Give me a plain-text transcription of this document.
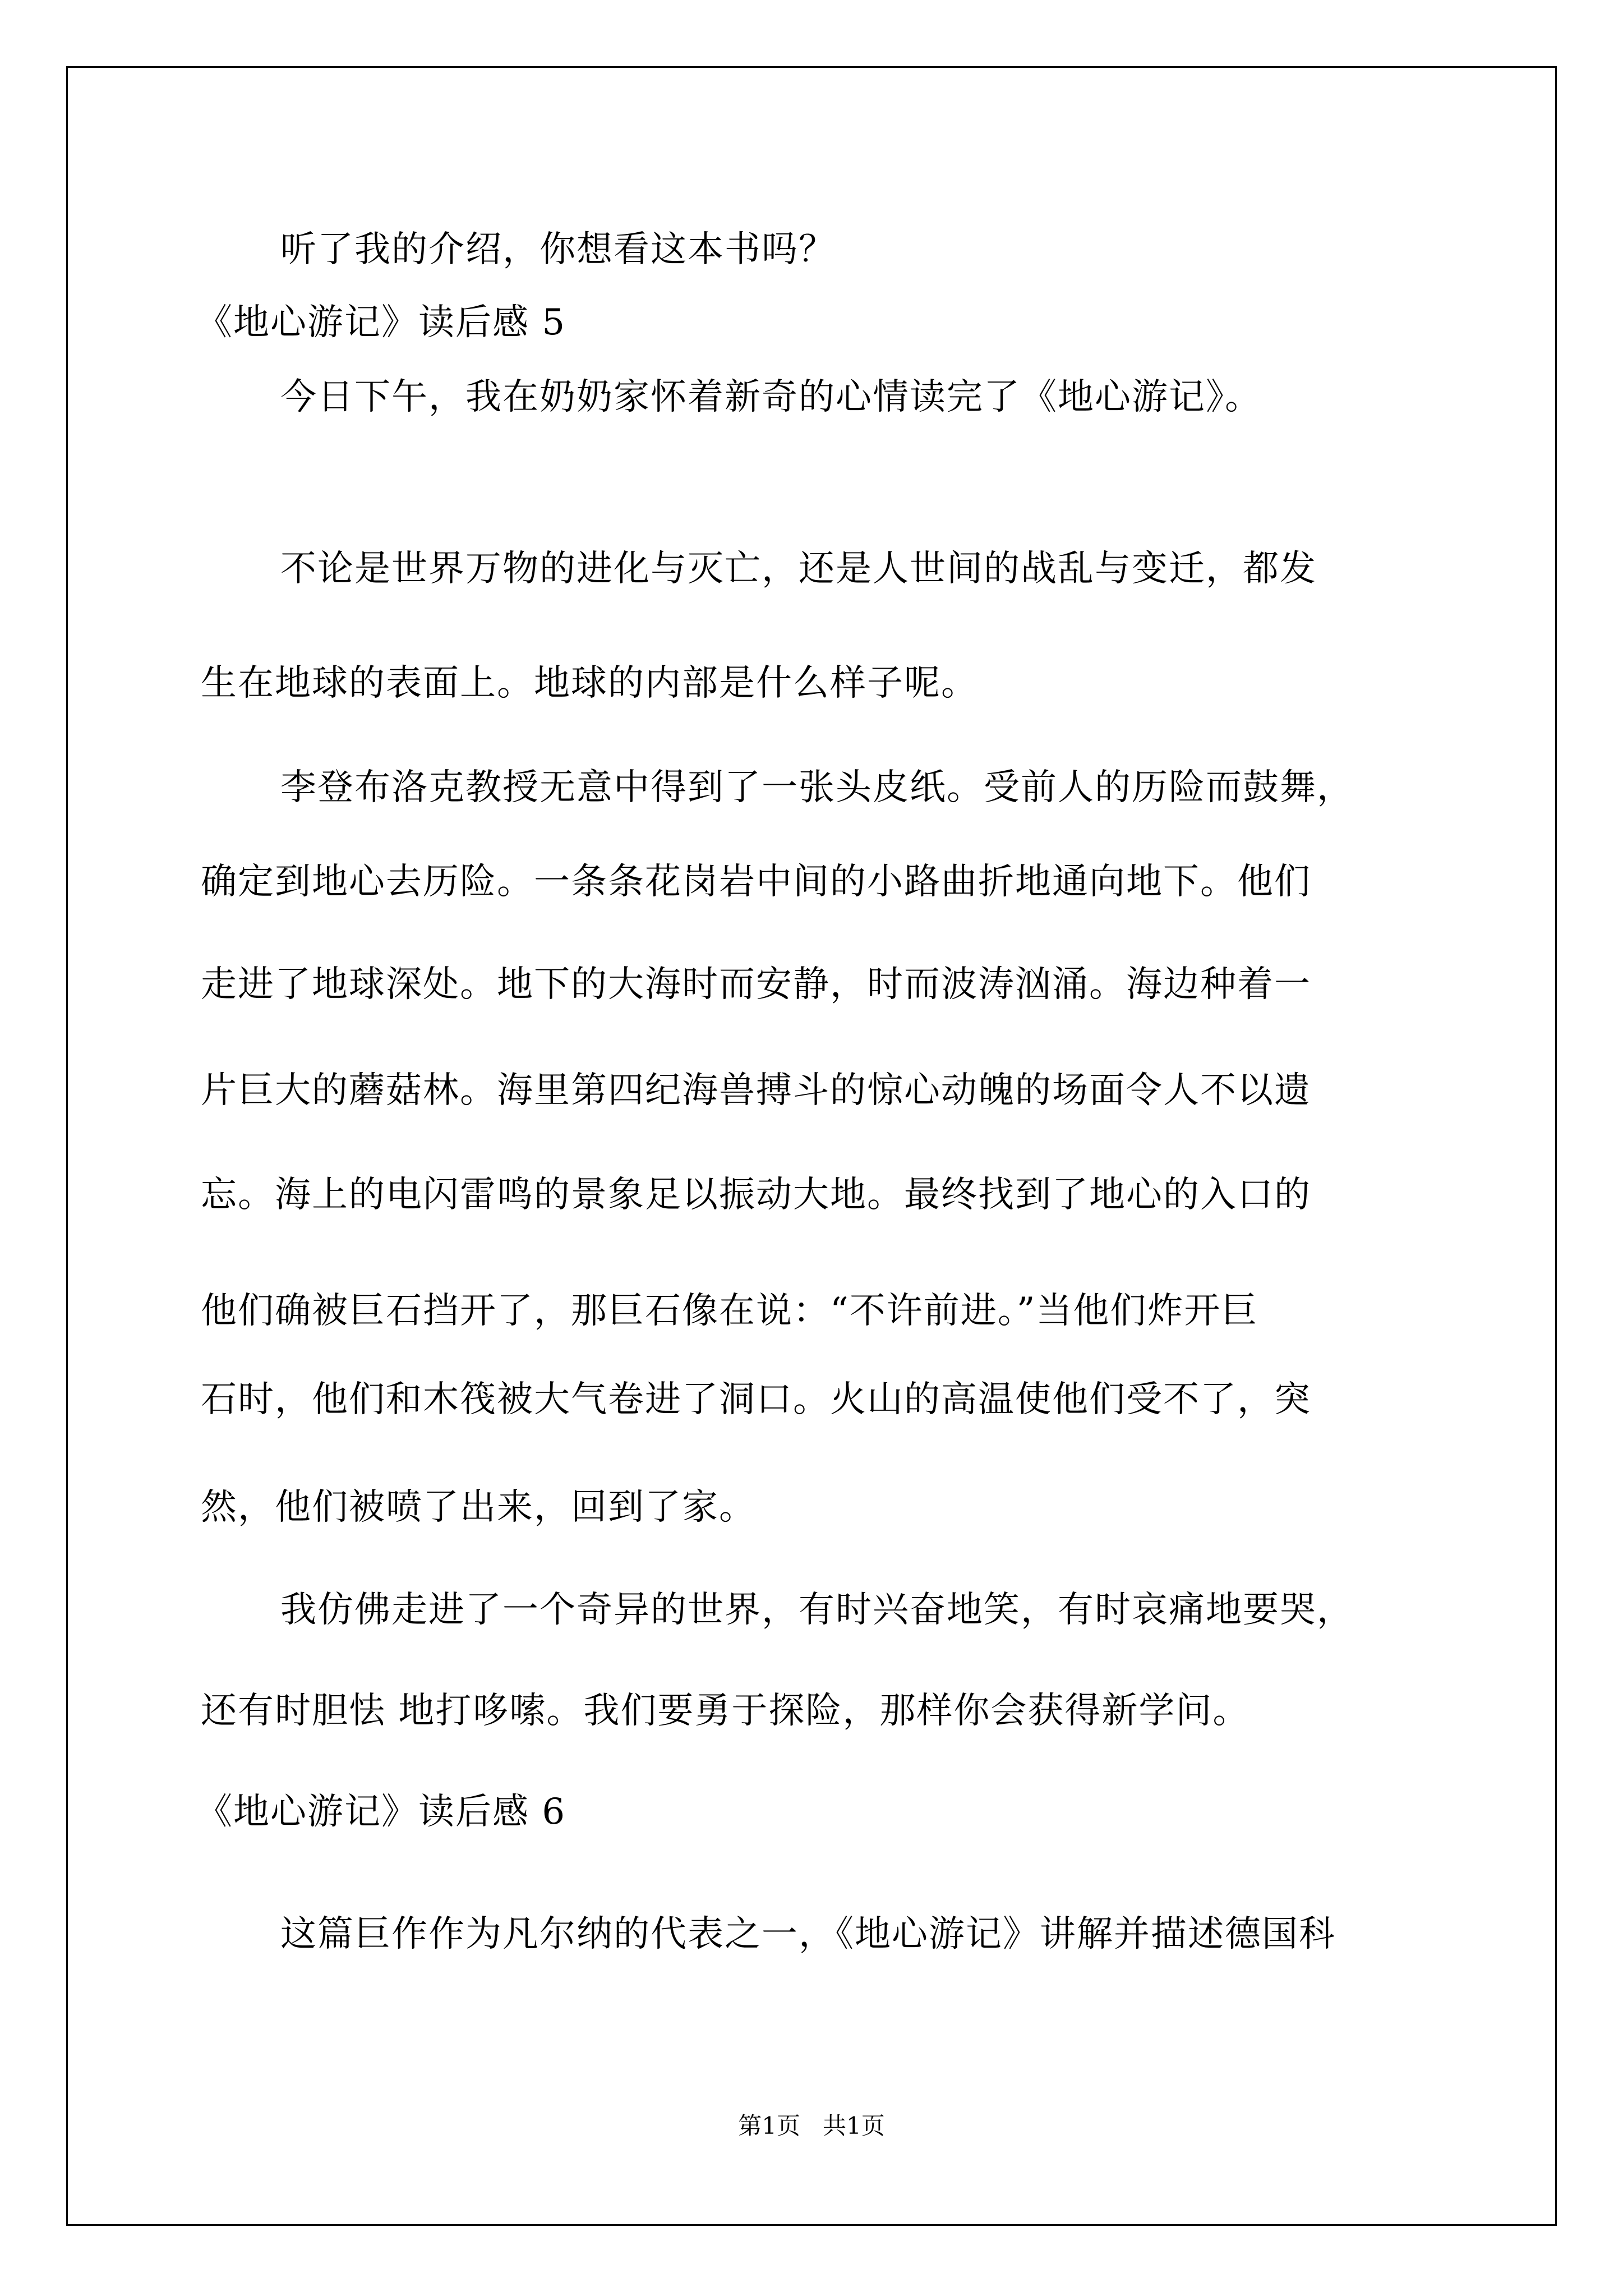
听了我的介绍，你想看这本书吗？
《地心游记》读后感 5
今日下午，我在奶奶家怀着新奇的心情读完了《地心游记》。
不论是世界万物的进化与灭亡，还是人世间的战乱与变迁，都发
生在地球的表面上。地球的内部是什么样子呢。
李登布洛克教授无意中得到了一张头皮纸。受前人的历险而鼓舞，
确定到地心去历险。一条条花岗岩中间的小路曲折地通向地下。他们
走进了地球深处。地下的大海时而安静，时而波涛汹涌。海边种着一
片巨大的蘑菇林。海里第四纪海兽搏斗的惊心动魄的场面令人不以遗
忘。海上的电闪雷鸣的景象足以振动大地。最终找到了地心的入口的
他们确被巨石挡开了，那巨石像在说：“不许前进。”当他们炸开巨
石时，他们和木筏被大气卷进了洞口。火山的高温使他们受不了，突
然，他们被喷了出来，回到了家。
我仿佛走进了一个奇异的世界，有时兴奋地笑，有时哀痛地要哭，
还有时胆怯 地打哆嗦。我们要勇于探险，那样你会获得新学问。
《地心游记》读后感 6
这篇巨作作为凡尔纳的代表之一，《地心游记》讲解并描述德国科
第1页   共1页
